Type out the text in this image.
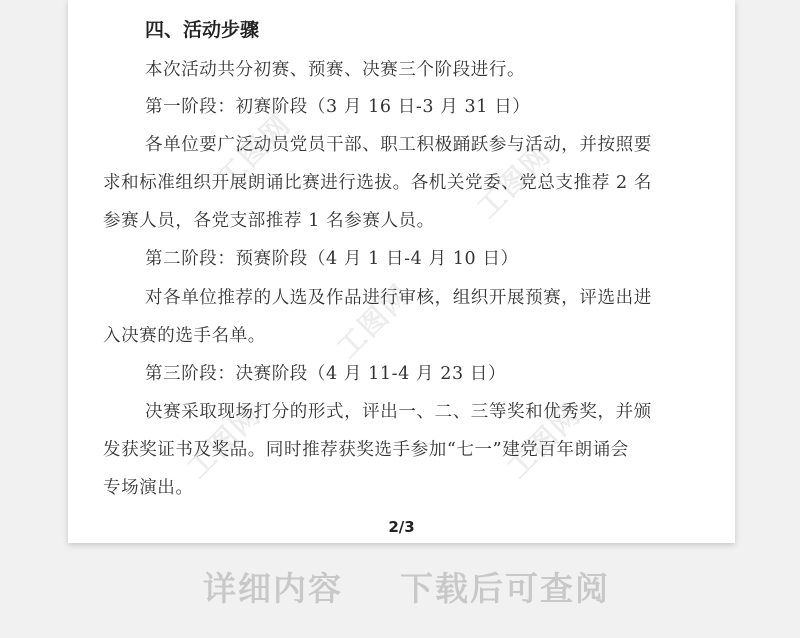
工图网	工图网
工图网
工图网	工图网
四、活动步骤
本次活动共分初赛、预赛、决赛三个阶段进行。
第一阶段：初赛阶段（3 月 16 日-3 月 31 日）
各单位要广泛动员党员干部、职工积极踊跃参与活动，并按照要
求和标准组织开展朗诵比赛进行选拔。各机关党委、党总支推荐 2 名
参赛人员，各党支部推荐 1 名参赛人员。
第二阶段：预赛阶段（4 月 1 日-4 月 10 日）
对各单位推荐的人选及作品进行审核，组织开展预赛，评选出进
入决赛的选手名单。
第三阶段：决赛阶段（4 月 11-4 月 23 日）
决赛采取现场打分的形式，评出一、二、三等奖和优秀奖，并颁
发获奖证书及奖品。同时推荐获奖选手参加“七一”建党百年朗诵会
专场演出。
2/3
详细内容 下载后可查阅
